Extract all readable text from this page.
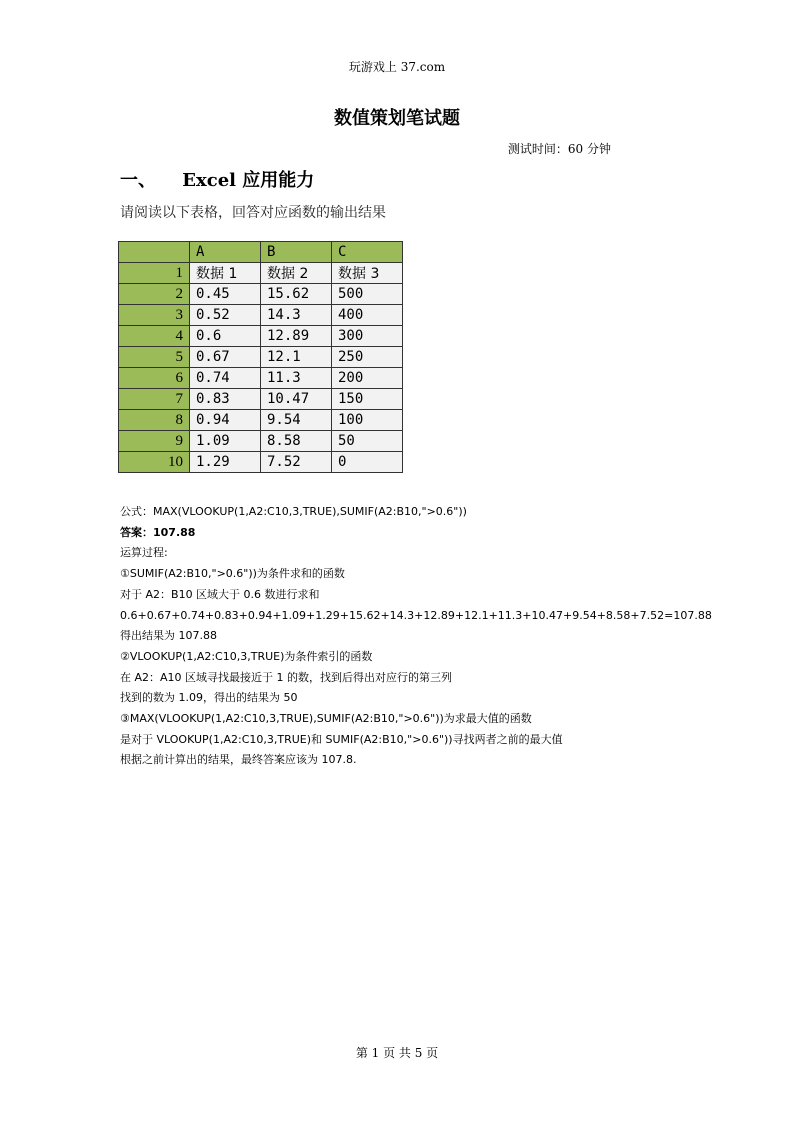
玩游戏上 37.com
数值策划笔试题
测试时间：60 分钟
一、 Excel 应用能力
请阅读以下表格，回答对应函数的输出结果
	A	B	C
1	数据 1	数据 2	数据 3
2	0.45	15.62	500
3	0.52	14.3	400
4	0.6	12.89	300
5	0.67	12.1	250
6	0.74	11.3	200
7	0.83	10.47	150
8	0.94	9.54	100
9	1.09	8.58	50
10	1.29	7.52	0
公式：MAX(VLOOKUP(1,A2:C10,3,TRUE),SUMIF(A2:B10,">0.6"))
答案：107.88
运算过程:
①SUMIF(A2:B10,">0.6"))为条件求和的函数
对于 A2：B10 区域大于 0.6 数进行求和
0.6+0.67+0.74+0.83+0.94+1.09+1.29+15.62+14.3+12.89+12.1+11.3+10.47+9.54+8.58+7.52=107.88
得出结果为 107.88
②VLOOKUP(1,A2:C10,3,TRUE)为条件索引的函数
在 A2：A10 区域寻找最接近于 1 的数，找到后得出对应行的第三列
找到的数为 1.09，得出的结果为 50
③MAX(VLOOKUP(1,A2:C10,3,TRUE),SUMIF(A2:B10,">0.6"))为求最大值的函数
是对于 VLOOKUP(1,A2:C10,3,TRUE)和 SUMIF(A2:B10,">0.6"))寻找两者之前的最大值
根据之前计算出的结果，最终答案应该为 107.8.
第 1 页 共 5 页
